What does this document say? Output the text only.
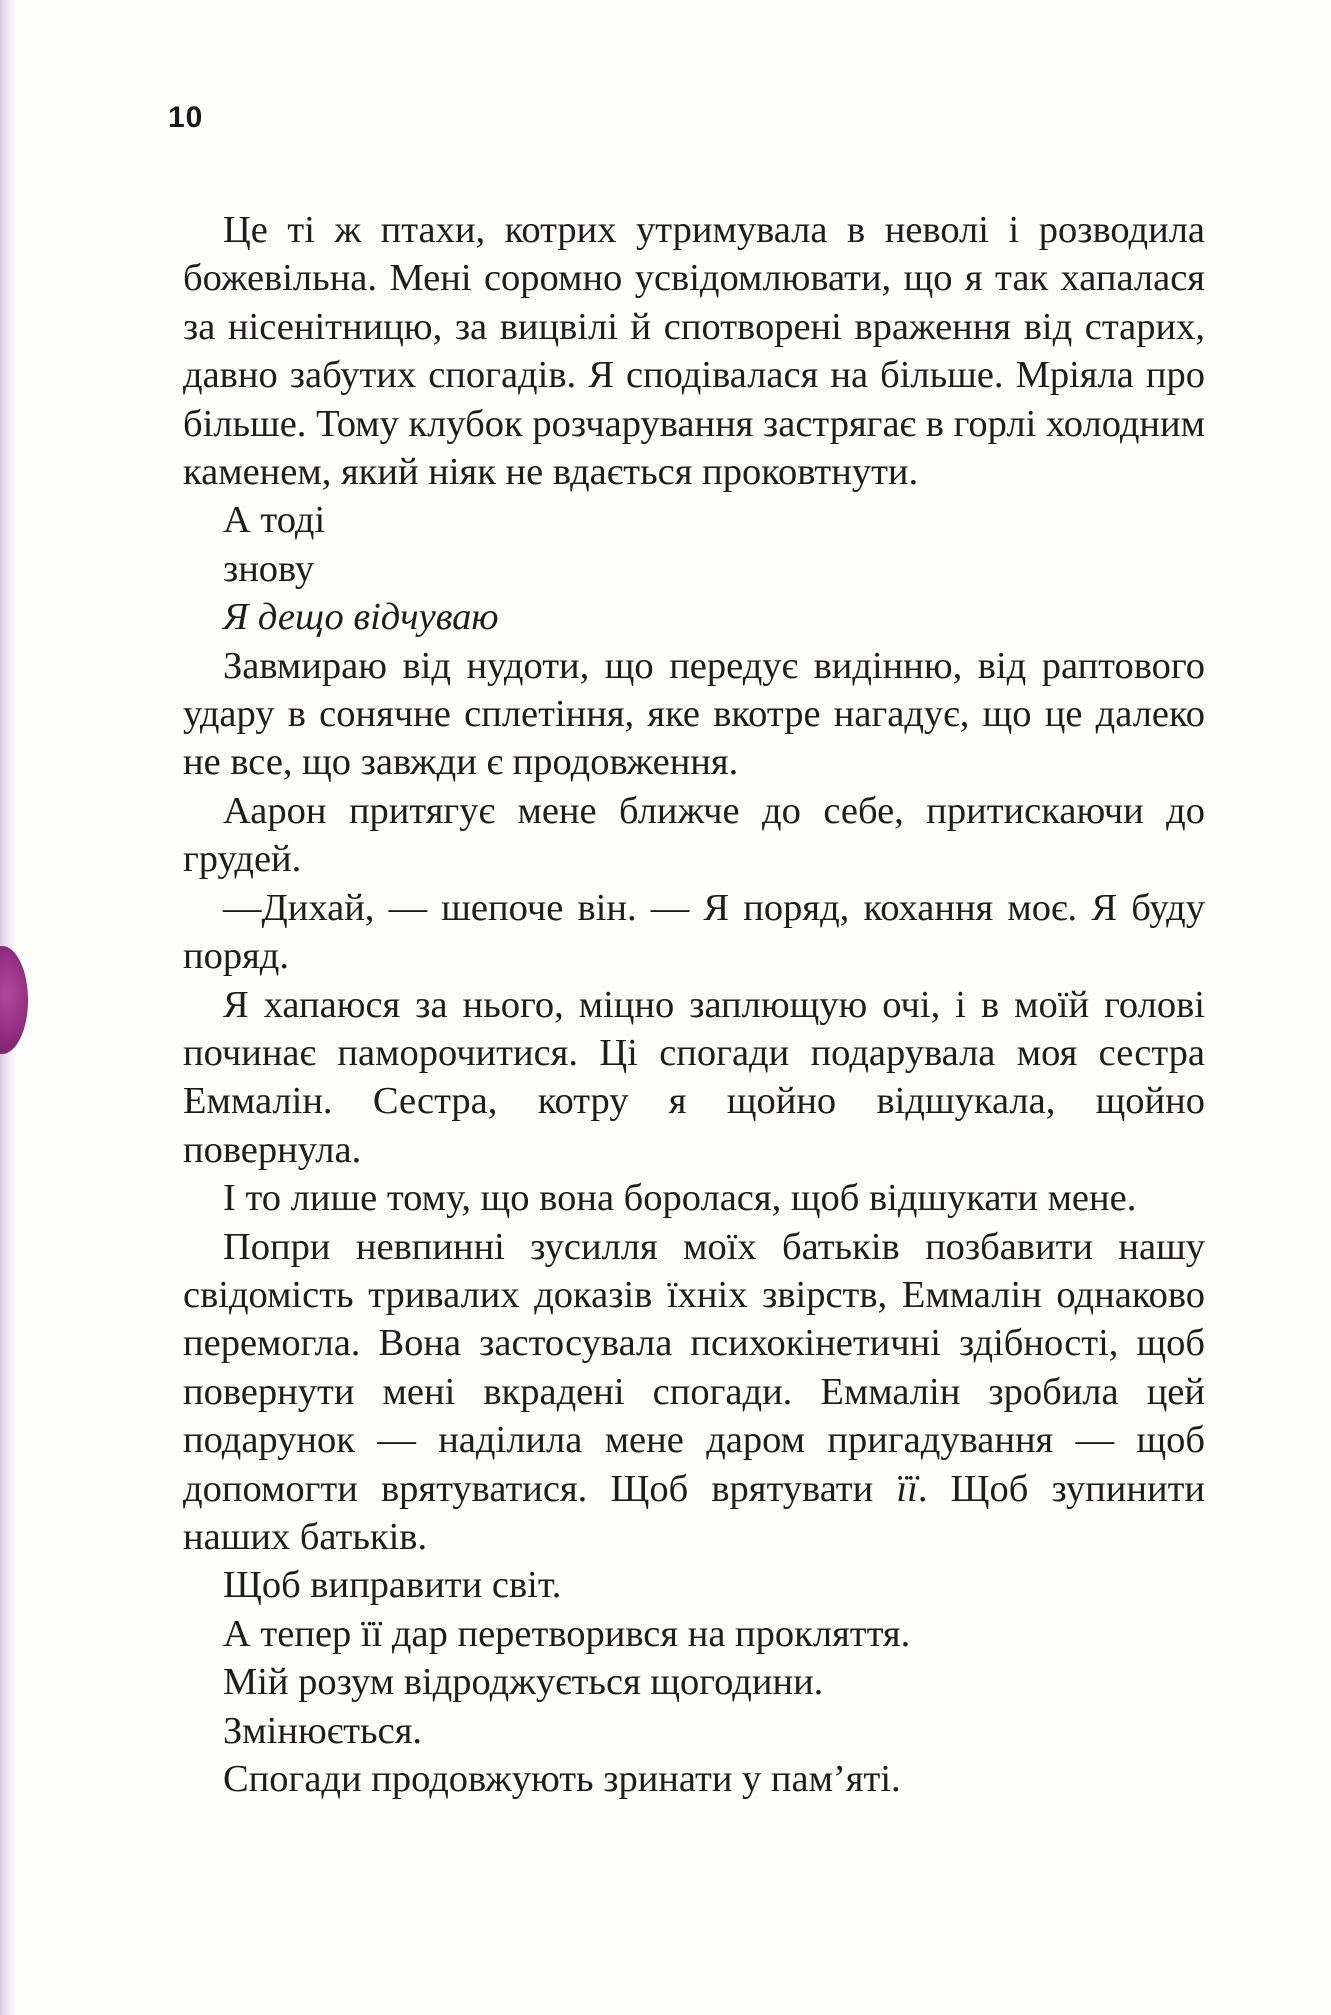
10

Це ті ж птахи, котрих утримувала в неволі і розводила божевільна. Мені соромно усвідомлювати, що я так хапалася за нісенітницю, за вицвілі й спотворені враження від старих, давно забутих спогадів. Я сподівалася на більше. Мріяла про більше. Тому клубок розчарування застрягає в горлі холодним каменем, який ніяк не вдається проковтнути.

А тоді

знову

Я дещо відчуваю

Завмираю від нудоти, що передує видінню, від раптового удару в сонячне сплетіння, яке вкотре нагадує, що це далеко не все, що завжди є продовження.

Аарон притягує мене ближче до себе, притискаючи до грудей.

—Дихай, — шепоче він. — Я поряд, кохання моє. Я буду поряд.

Я хапаюся за нього, міцно заплющую очі, і в моїй голові починає паморочитися. Ці спогади подарувала моя сестра Еммалін. Сестра, котру я щойно відшукала, щойно повернула.

І то лише тому, що вона боролася, щоб відшукати мене.

Попри невпинні зусилля моїх батьків позбавити нашу свідомість тривалих доказів їхніх звірств, Еммалін однаково перемогла. Вона застосувала психокінетичні здібності, щоб повернути мені вкрадені спогади. Еммалін зробила цей подарунок — наділила мене даром пригадування — щоб допомогти врятуватися. Щоб врятувати її. Щоб зупинити наших батьків.

Щоб виправити світ.

А тепер її дар перетворився на прокляття.

Мій розум відроджується щогодини.

Змінюється.

Спогади продовжують зринати у пам’яті.
